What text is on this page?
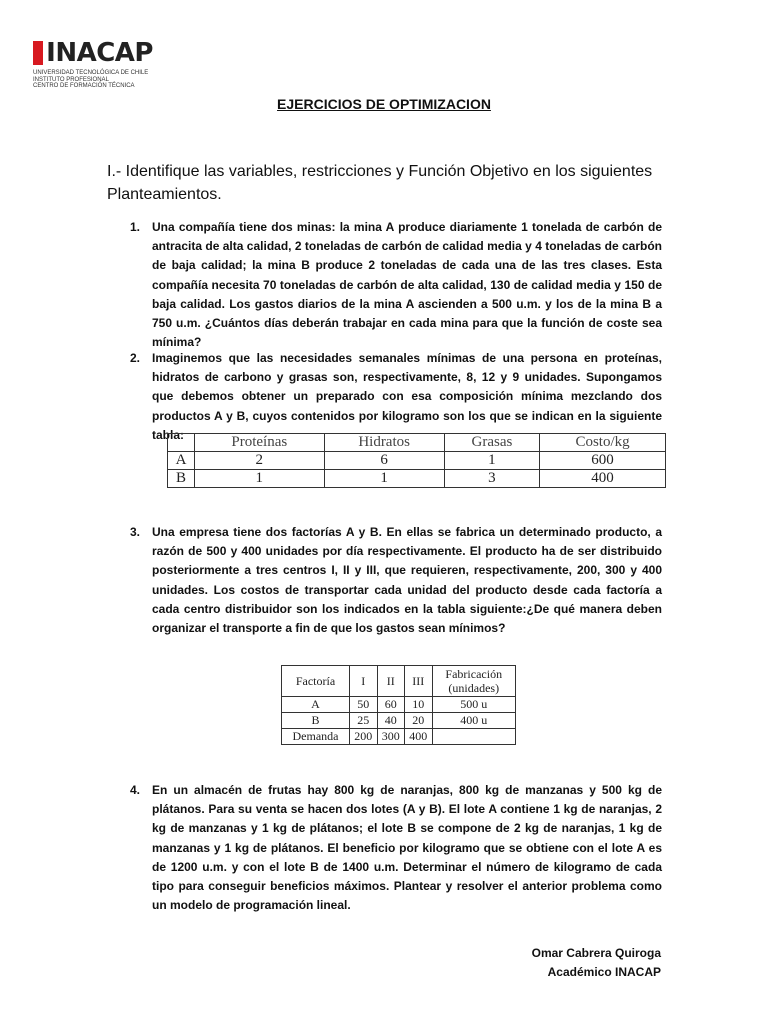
INACAP
UNIVERSIDAD TECNOLÓGICA DE CHILE
INSTITUTO PROFESIONAL
CENTRO DE FORMACIÓN TÉCNICA
EJERCICIOS DE OPTIMIZACION
I.- Identifique las variables, restricciones y Función Objetivo en los siguientes Planteamientos.
1. Una compañía tiene dos minas: la mina A produce diariamente 1 tonelada de carbón de antracita de alta calidad, 2 toneladas de carbón de calidad media y 4 toneladas de carbón de baja calidad; la mina B produce 2 toneladas de cada una de las tres clases. Esta compañía necesita 70 toneladas de carbón de alta calidad, 130 de calidad media y 150 de baja calidad. Los gastos diarios de la mina A ascienden a 500 u.m. y los de la mina B a 750 u.m. ¿Cuántos días deberán trabajar en cada mina para que la función de coste sea mínima?
2. Imaginemos que las necesidades semanales mínimas de una persona en proteínas, hidratos de carbono y grasas son, respectivamente, 8, 12 y 9 unidades. Supongamos que debemos obtener un preparado con esa composición mínima mezclando dos productos A y B, cuyos contenidos por kilogramo son los que se indican en la siguiente tabla:
		Proteínas	Hidratos	Grasas	Costo/kg
A	2	6	1	600
B	1	1	3	400
3. Una empresa tiene dos factorías A y B. En ellas se fabrica un determinado producto, a razón de 500 y 400 unidades por día respectivamente. El producto ha de ser distribuido posteriormente a tres centros I, II y III, que requieren, respectivamente, 200, 300 y 400 unidades. Los costos de transportar cada unidad del producto desde cada factoría a cada centro distribuidor son los indicados en la tabla siguiente:¿De qué manera deben organizar el transporte a fin de que los gastos sean mínimos?
Factoría	I	II	III	Fabricación
(unidades)
A	50	60	10	500 u
B	25	40	20	400 u
Demanda	200	300	400	
4. En un almacén de frutas hay 800 kg de naranjas, 800 kg de manzanas y 500 kg de plátanos. Para su venta se hacen dos lotes (A y B). El lote A contiene 1 kg de naranjas, 2 kg de manzanas y 1 kg de plátanos; el lote B se compone de 2 kg de naranjas, 1 kg de manzanas y 1 kg de plátanos. El beneficio por kilogramo que se obtiene con el lote A es de 1200 u.m. y con el lote B de 1400 u.m. Determinar el número de kilogramo de cada tipo para conseguir beneficios máximos. Plantear y resolver el anterior problema como un modelo de programación lineal.
Omar Cabrera Quiroga
Académico INACAP
